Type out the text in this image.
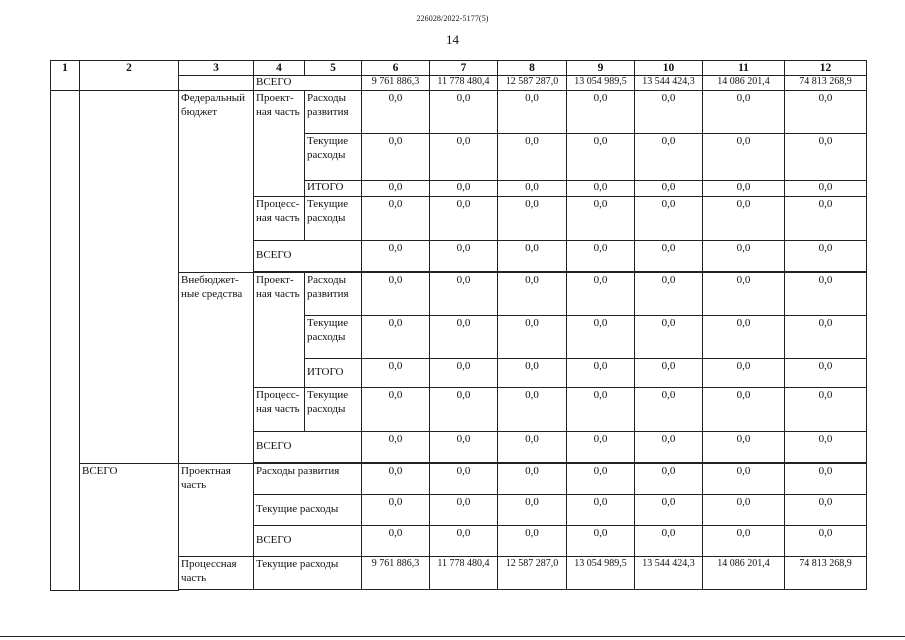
226028/2022-5177(5)
14
1	2	3	4	5	6	7	8	9	10	11	12
			ВСЕГО		9 761 886,3	11 778 480,4	12 587 287,0	13 054 989,5	13 544 424,3	14 086 201,4	74 813 268,9
		Федеральный бюджет	Проект-ная часть	Расходы развития	0,0	0,0	0,0	0,0	0,0	0,0	0,0
				Текущие расходы	0,0	0,0	0,0	0,0	0,0	0,0	0,0
				ИТОГО	0,0	0,0	0,0	0,0	0,0	0,0	0,0
			Процесс-ная часть	Текущие расходы	0,0	0,0	0,0	0,0	0,0	0,0	0,0
			ВСЕГО		0,0	0,0	0,0	0,0	0,0	0,0	0,0

		Внебюджет-ные средства	Проект-ная часть	Расходы развития	0,0	0,0	0,0	0,0	0,0	0,0	0,0
				Текущие расходы	0,0	0,0	0,0	0,0	0,0	0,0	0,0
				ИТОГО	0,0	0,0	0,0	0,0	0,0	0,0	0,0
			Процесс-ная часть	Текущие расходы	0,0	0,0	0,0	0,0	0,0	0,0	0,0
			ВСЕГО		0,0	0,0	0,0	0,0	0,0	0,0	0,0

	ВСЕГО	Проектная часть	Расходы развития		0,0	0,0	0,0	0,0	0,0	0,0	0,0
			Текущие расходы		0,0	0,0	0,0	0,0	0,0	0,0	0,0
			ВСЕГО		0,0	0,0	0,0	0,0	0,0	0,0	0,0
		Процессная часть	Текущие расходы		9 761 886,3	11 778 480,4	12 587 287,0	13 054 989,5	13 544 424,3	14 086 201,4	74 813 268,9
